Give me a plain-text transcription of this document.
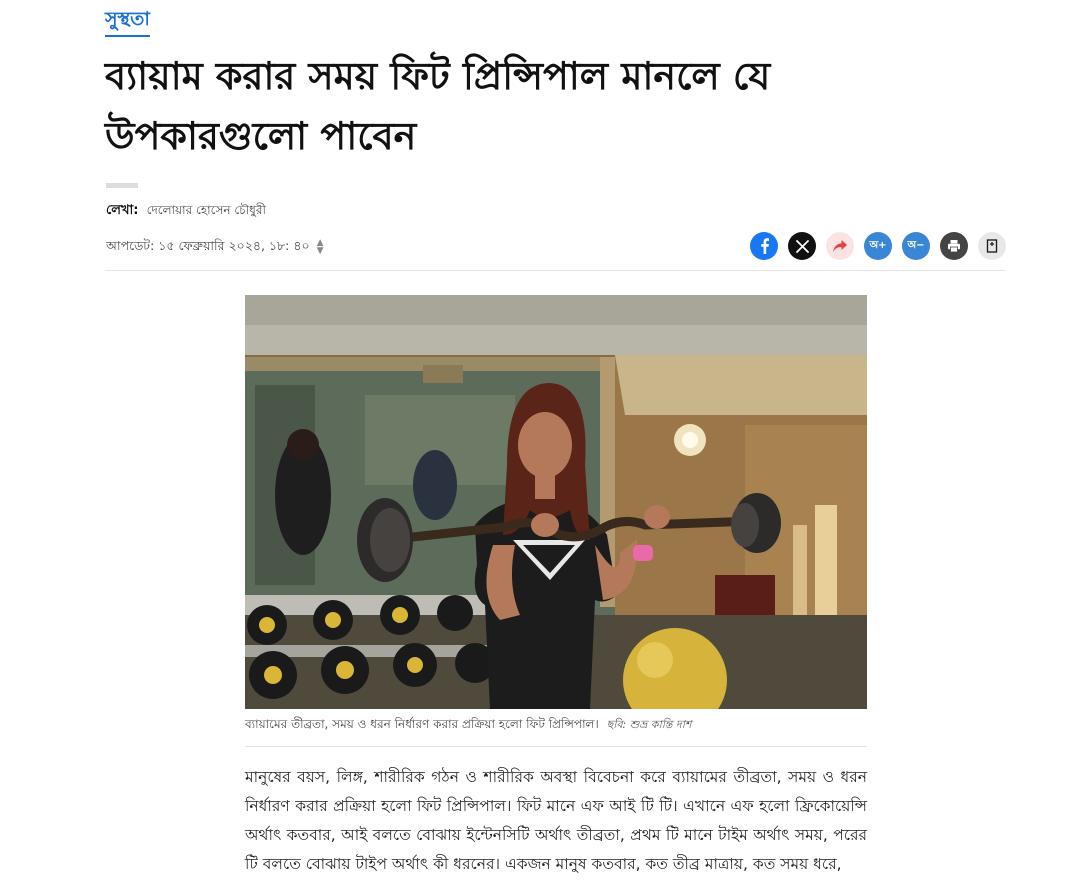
সুস্থতা
ব্যায়াম করার সময় ফিট প্রিন্সিপাল মানলে যে উপকারগুলো পাবেন
লেখা: দেলোয়ার হোসেন চৌধুরী
আপডেট: ১৫ ফেব্রুয়ারি ২০২৪, ১৮: ৪০ ▲
▼	অ+ অ−
ব্যায়ামের তীব্রতা, সময় ও ধরন নির্ধারণ করার প্রক্রিয়া হলো ফিট প্রিন্সিপাল। ছবি: শুভ্র কান্তি দাশ

মানুষের বয়স, লিঙ্গ, শারীরিক গঠন ও শারীরিক অবস্থা বিবেচনা করে ব্যায়ামের তীব্রতা, সময় ও ধরন নির্ধারণ করার প্রক্রিয়া হলো ফিট প্রিন্সিপাল। ফিট মানে এফ আই টি টি। এখানে এফ হলো ফ্রিকোয়েন্সি অর্থাৎ কতবার, আই বলতে বোঝায় ইন্টেনসিটি অর্থাৎ তীব্রতা, প্রথম টি মানে টাইম অর্থাৎ সময়, পরের টি বলতে বোঝায় টাইপ অর্থাৎ কী ধরনের। একজন মানুষ কতবার, কত তীব্র মাত্রায়, কত সময় ধরে,
